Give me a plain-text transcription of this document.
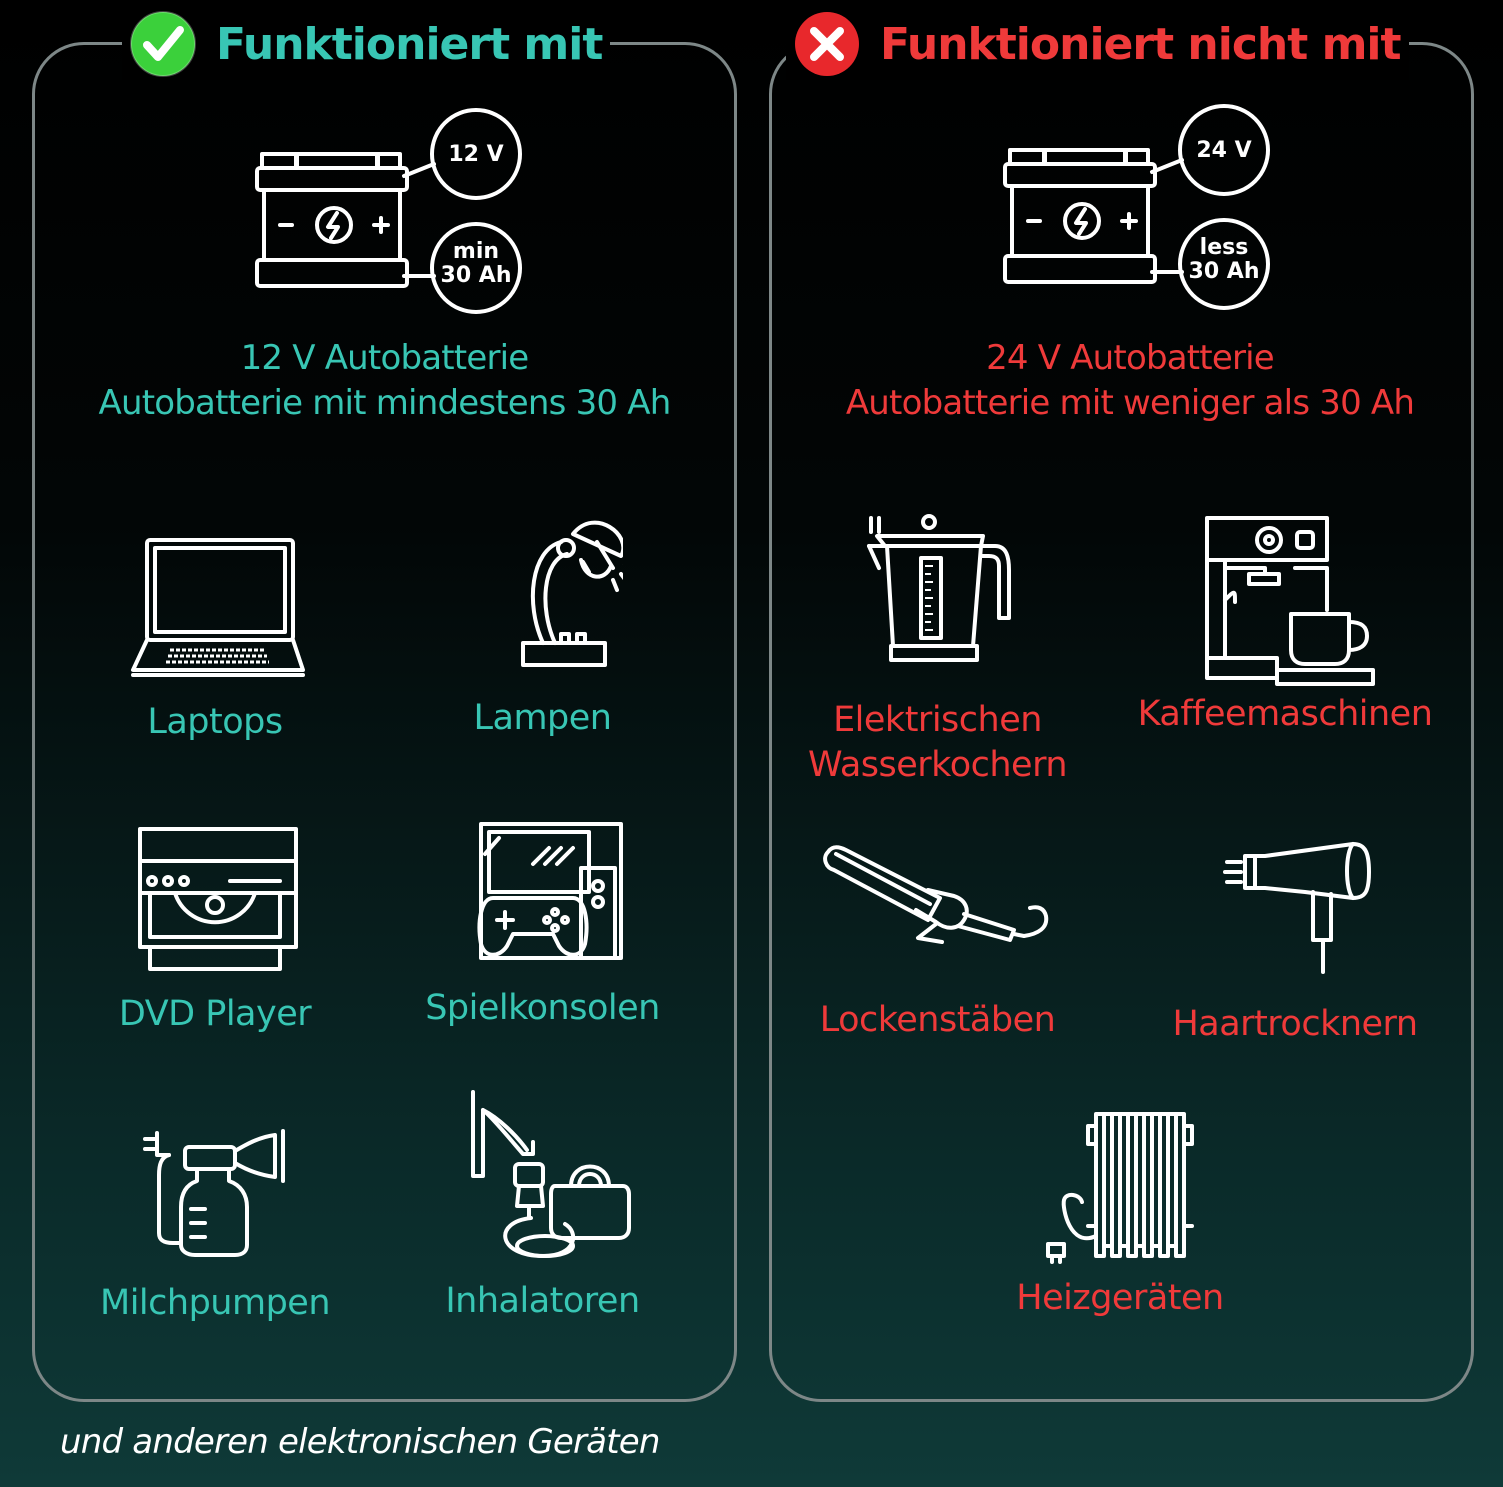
Funktioniert mit	Funktioniert nicht mit
12 V
min
30 Ah
24 V
less
30 Ah
12 V Autobatterie
Autobatterie mit mindestens 30 Ah
24 V Autobatterie
Autobatterie mit weniger als 30 Ah
Laptops	Lampen
DVD Player	Spielkonsolen
Milchpumpen	Inhalatoren
Elektrischen
Wasserkochern
Kaffeemaschinen
Lockenstäben	Haartrocknern
Heizgeräten
und anderen elektronischen Geräten
